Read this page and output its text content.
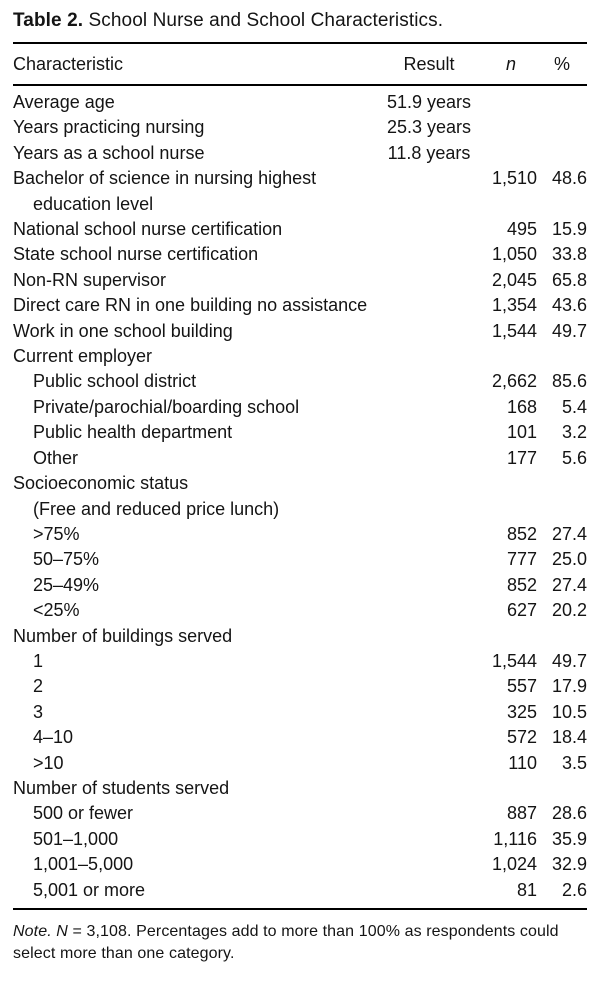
Table 2. School Nurse and School Characteristics.
Characteristic	Result	n	%

Average age	51.9 years		

Years practicing nursing	25.3 years		

Years as a school nurse	11.8 years		

Bachelor of science in nursing highest education level		1,510	48.6

National school nurse certification		495	15.9

State school nurse certification		1,050	33.8

Non-RN supervisor		2,045	65.8

Direct care RN in one building no assistance		1,354	43.6

Work in one school building		1,544	49.7

Current employer			

Public school district		2,662	85.6

Private/parochial/boarding school		168	5.4

Public health department		101	3.2

Other		177	5.6

Socioeconomic status			

(Free and reduced price lunch)			

>75%		852	27.4

50–75%		777	25.0

25–49%		852	27.4

<25%		627	20.2

Number of buildings served			

1		1,544	49.7

2		557	17.9

3		325	10.5

4–10		572	18.4

>10		110	3.5

Number of students served			

500 or fewer		887	28.6

501–1,000		1,116	35.9

1,001–5,000		1,024	32.9

5,001 or more		81	2.6
Note. N = 3,108. Percentages add to more than 100% as respondents could select more than one category.
